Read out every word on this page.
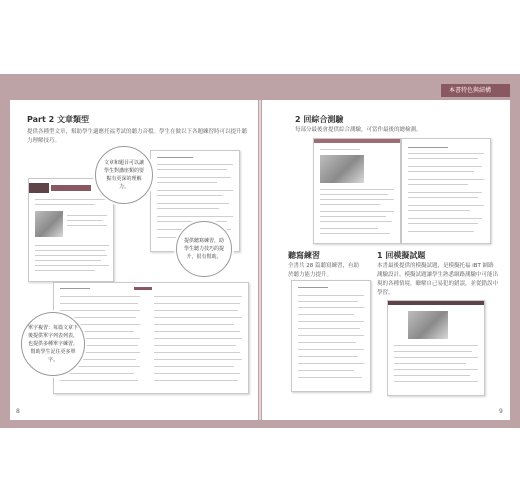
本書特色與結構
Part 2 文章類型
提供各種型文章，幫助學生適應托福考試的聽力音檔。學生在做以下各題練習時可以提升聽力理解技巧。
文章和題目可以讓學生對講座類的要點有更深的理解力。
提供聽寫練習，助學生聽力技巧的提升，很有幫助。
單字複習：每篇文章下後提供單字列表列表，也提供多種單字練習，幫助學生記住更多單字。
8
2 回綜合測驗
每部分最後會提供綜合測驗，可當作最後的總檢測。
聽寫練習
全書共 28 篇聽寫練習，有助於聽力能力提升。
1 回模擬試題
本書最後提供的模擬試題，是模擬托福 iBT 網路測驗設計。模擬試題讓學生熟悉網路測驗中可能出現的各種情境，瞭解自己易犯的錯誤，並從錯誤中學習。
9
